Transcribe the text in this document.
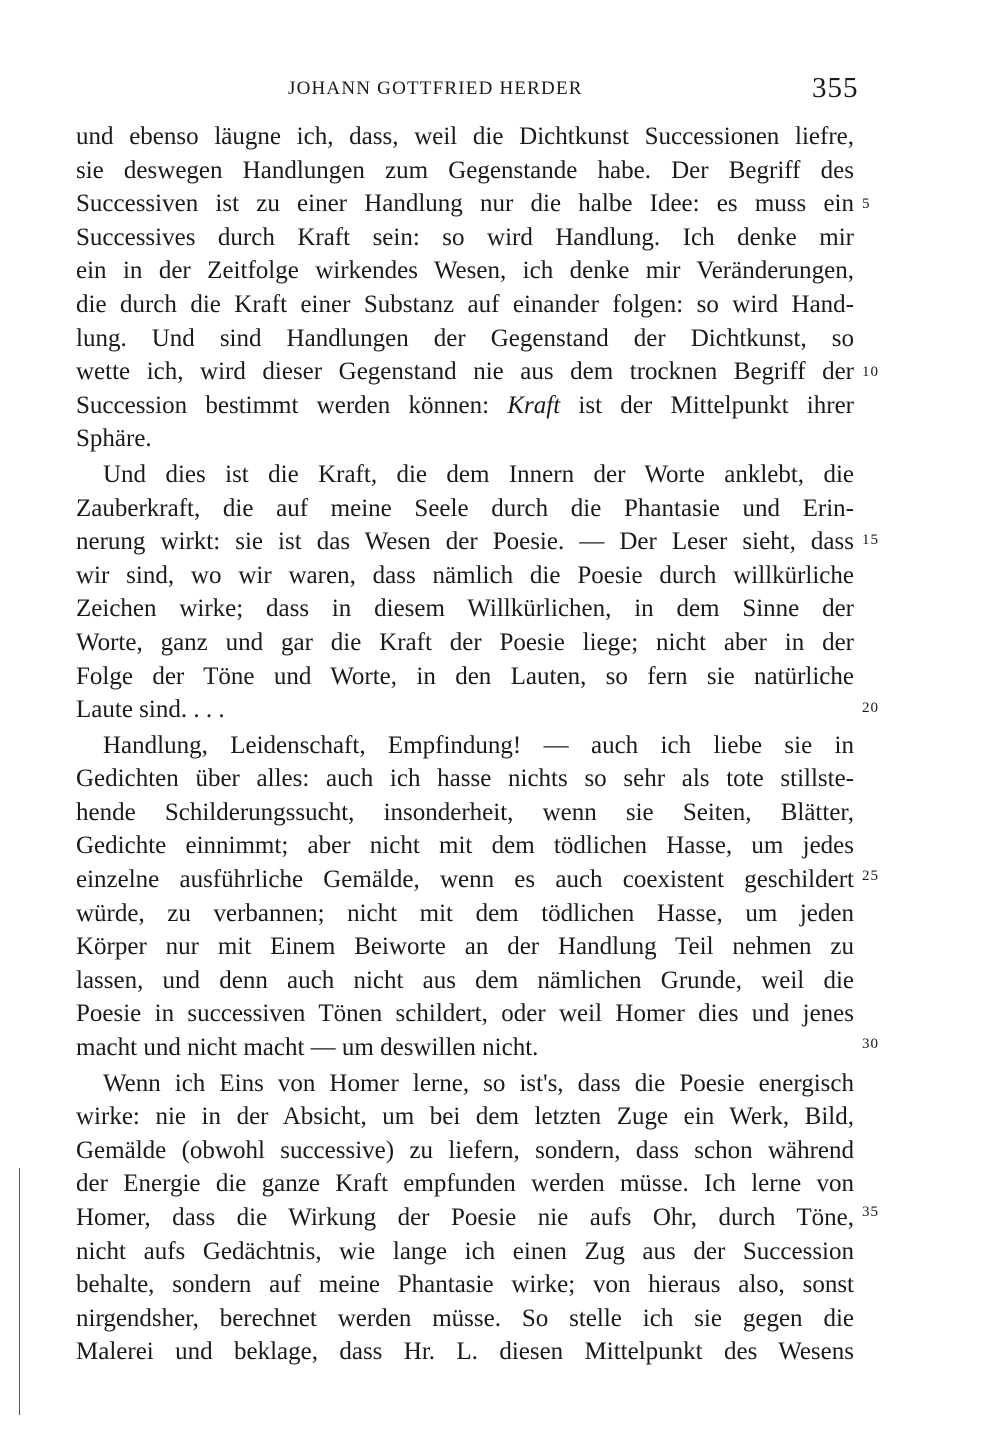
JOHANN GOTTFRIED HERDER	355
und ebenso läugne ich, dass, weil die Dichtkunst Successionen liefre,
sie deswegen Handlungen zum Gegenstande habe. Der Begriff des
Successiven ist zu einer Handlung nur die halbe Idee: es muss ein
Successives durch Kraft sein: so wird Handlung. Ich denke mir
ein in der Zeitfolge wirkendes Wesen, ich denke mir Veränderungen,
die durch die Kraft einer Substanz auf einander folgen: so wird Hand-
lung. Und sind Handlungen der Gegenstand der Dichtkunst, so
wette ich, wird dieser Gegenstand nie aus dem trocknen Begriff der
Succession bestimmt werden können: Kraft ist der Mittelpunkt ihrer
Sphäre.
Und dies ist die Kraft, die dem Innern der Worte anklebt, die
Zauberkraft, die auf meine Seele durch die Phantasie und Erin-
nerung wirkt: sie ist das Wesen der Poesie. — Der Leser sieht, dass
wir sind, wo wir waren, dass nämlich die Poesie durch willkürliche
Zeichen wirke; dass in diesem Willkürlichen, in dem Sinne der
Worte, ganz und gar die Kraft der Poesie liege; nicht aber in der
Folge der Töne und Worte, in den Lauten, so fern sie natürliche
Laute sind. . . .
Handlung, Leidenschaft, Empfindung! — auch ich liebe sie in
Gedichten über alles: auch ich hasse nichts so sehr als tote stillste-
hende Schilderungssucht, insonderheit, wenn sie Seiten, Blätter,
Gedichte einnimmt; aber nicht mit dem tödlichen Hasse, um jedes
einzelne ausführliche Gemälde, wenn es auch coexistent geschildert
würde, zu verbannen; nicht mit dem tödlichen Hasse, um jeden
Körper nur mit Einem Beiworte an der Handlung Teil nehmen zu
lassen, und denn auch nicht aus dem nämlichen Grunde, weil die
Poesie in successiven Tönen schildert, oder weil Homer dies und jenes
macht und nicht macht — um deswillen nicht.
Wenn ich Eins von Homer lerne, so ist's, dass die Poesie energisch
wirke: nie in der Absicht, um bei dem letzten Zuge ein Werk, Bild,
Gemälde (obwohl successive) zu liefern, sondern, dass schon während
der Energie die ganze Kraft empfunden werden müsse. Ich lerne von
Homer, dass die Wirkung der Poesie nie aufs Ohr, durch Töne,
nicht aufs Gedächtnis, wie lange ich einen Zug aus der Succession
behalte, sondern auf meine Phantasie wirke; von hieraus also, sonst
nirgendsher, berechnet werden müsse. So stelle ich sie gegen die
Malerei und beklage, dass Hr. L. diesen Mittelpunkt des Wesens
5
10
15
20
25
30
35
